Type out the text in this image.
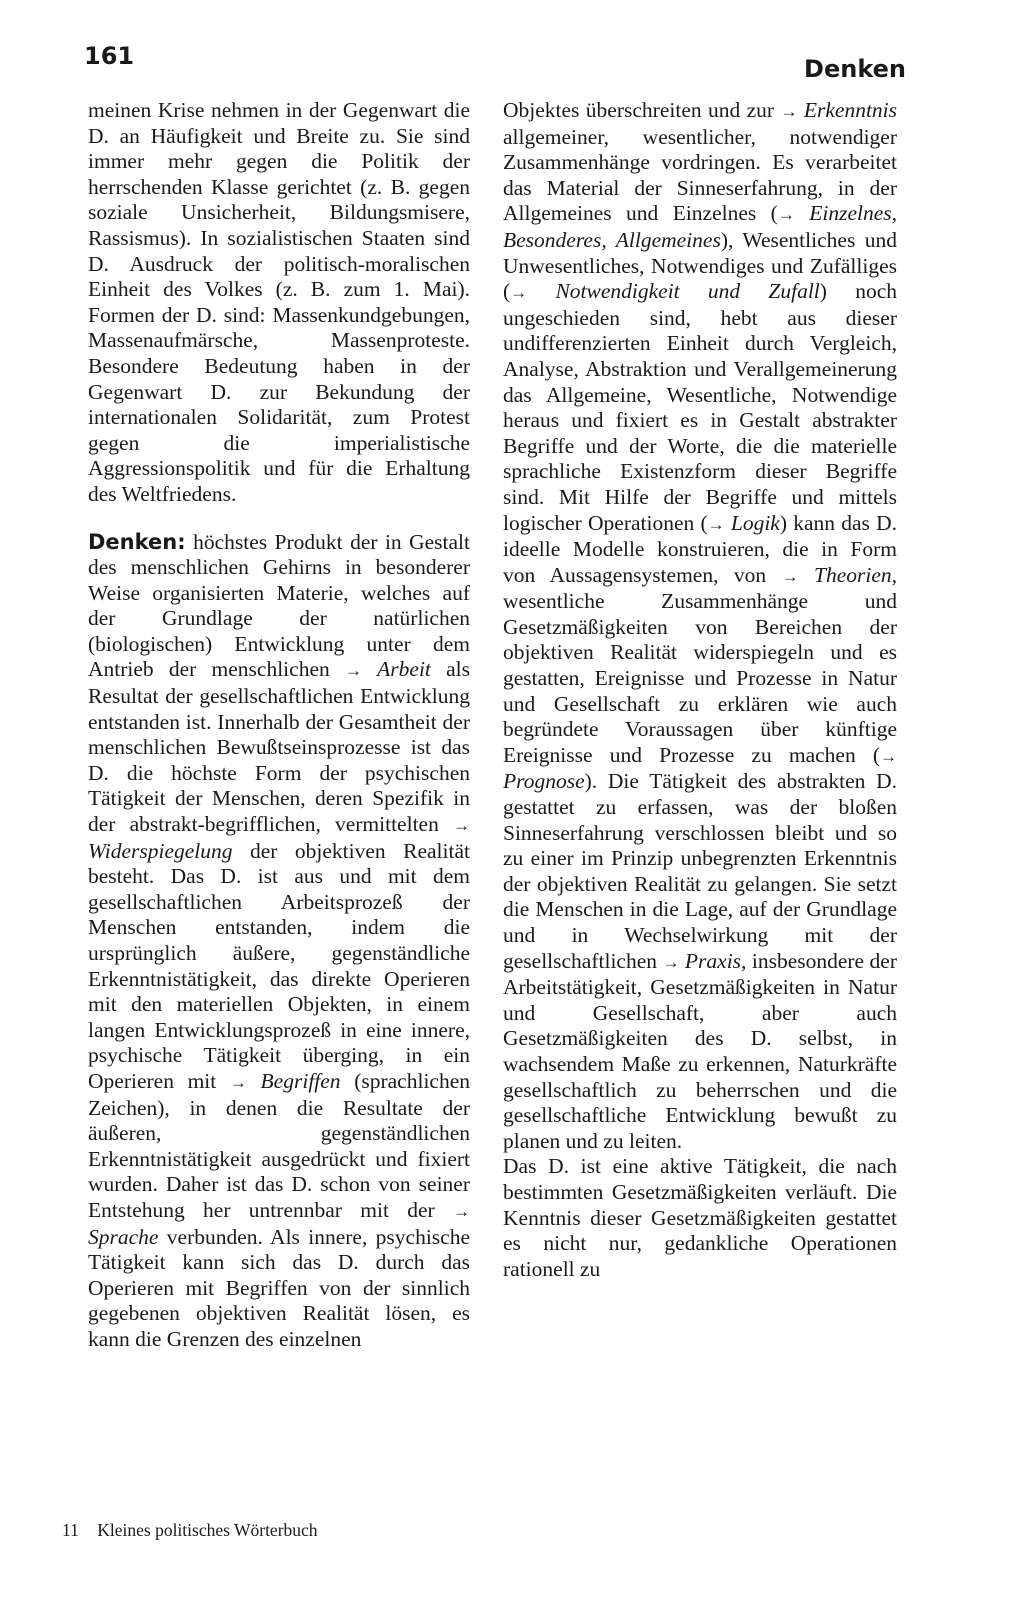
161	Denken

meinen Krise nehmen in der Gegenwart die D. an Häufigkeit und Breite zu. Sie sind immer mehr gegen die Politik der herrschenden Klasse gerichtet (z. B. gegen soziale Unsicherheit, Bildungsmisere, Rassismus). In sozialistischen Staaten sind D. Ausdruck der politisch-moralischen Einheit des Volkes (z. B. zum 1. Mai). Formen der D. sind: Massenkundgebungen, Massenaufmärsche, Massenproteste. Besondere Bedeutung haben in der Gegenwart D. zur Bekundung der internationalen Solidarität, zum Protest gegen die imperialistische Aggressionspolitik und für die Erhaltung des Weltfriedens.

Denken: höchstes Produkt der in Gestalt des menschlichen Gehirns in besonderer Weise organisierten Materie, welches auf der Grundlage der natürlichen (biologischen) Entwicklung unter dem Antrieb der menschlichen → Arbeit als Resultat der gesellschaftlichen Entwicklung entstanden ist. Innerhalb der Gesamtheit der menschlichen Bewußtseinsprozesse ist das D. die höchste Form der psychischen Tätigkeit der Menschen, deren Spezifik in der abstrakt-begrifflichen, vermittelten → Widerspiegelung der objektiven Realität besteht. Das D. ist aus und mit dem gesellschaftlichen Arbeitsprozeß der Menschen entstanden, indem die ursprünglich äußere, gegenständliche Erkenntnistätigkeit, das direkte Operieren mit den materiellen Objekten, in einem langen Entwicklungsprozeß in eine innere, psychische Tätigkeit überging, in ein Operieren mit → Begriffen (sprachlichen Zeichen), in denen die Resultate der äußeren, gegenständlichen Erkenntnistätigkeit ausgedrückt und fixiert wurden. Daher ist das D. schon von seiner Entstehung her untrennbar mit der → Sprache verbunden. Als innere, psychische Tätigkeit kann sich das D. durch das Operieren mit Begriffen von der sinnlich gegebenen objektiven Realität lösen, es kann die Grenzen des einzelnen

Objektes überschreiten und zur → Erkenntnis allgemeiner, wesentlicher, notwendiger Zusammenhänge vordringen. Es verarbeitet das Material der Sinneserfahrung, in der Allgemeines und Einzelnes (→ Einzelnes, Besonderes, Allgemeines), Wesentliches und Unwesentliches, Notwendiges und Zufälliges (→ Notwendigkeit und Zufall) noch ungeschieden sind, hebt aus dieser undifferenzierten Einheit durch Vergleich, Analyse, Abstraktion und Verallgemeinerung das Allgemeine, Wesentliche, Notwendige heraus und fixiert es in Gestalt abstrakter Begriffe und der Worte, die die materielle sprachliche Existenzform dieser Begriffe sind. Mit Hilfe der Begriffe und mittels logischer Operationen (→ Logik) kann das D. ideelle Modelle konstruieren, die in Form von Aussagensystemen, von → Theorien, wesentliche Zusammenhänge und Gesetzmäßigkeiten von Bereichen der objektiven Realität widerspiegeln und es gestatten, Ereignisse und Prozesse in Natur und Gesellschaft zu erklären wie auch begründete Voraussagen über künftige Ereignisse und Prozesse zu machen (→ Prognose). Die Tätigkeit des abstrakten D. gestattet zu erfassen, was der bloßen Sinneserfahrung verschlossen bleibt und so zu einer im Prinzip unbegrenzten Erkenntnis der objektiven Realität zu gelangen. Sie setzt die Menschen in die Lage, auf der Grundlage und in Wechselwirkung mit der gesellschaftlichen → Praxis, insbesondere der Arbeitstätigkeit, Gesetzmäßigkeiten in Natur und Gesellschaft, aber auch Gesetzmäßigkeiten des D. selbst, in wachsendem Maße zu erkennen, Naturkräfte gesellschaftlich zu beherrschen und die gesellschaftliche Entwicklung bewußt zu planen und zu leiten.

Das D. ist eine aktive Tätigkeit, die nach bestimmten Gesetzmäßigkeiten verläuft. Die Kenntnis dieser Gesetzmäßigkeiten gestattet es nicht nur, gedankliche Operationen rationell zu

11 Kleines politisches Wörterbuch
